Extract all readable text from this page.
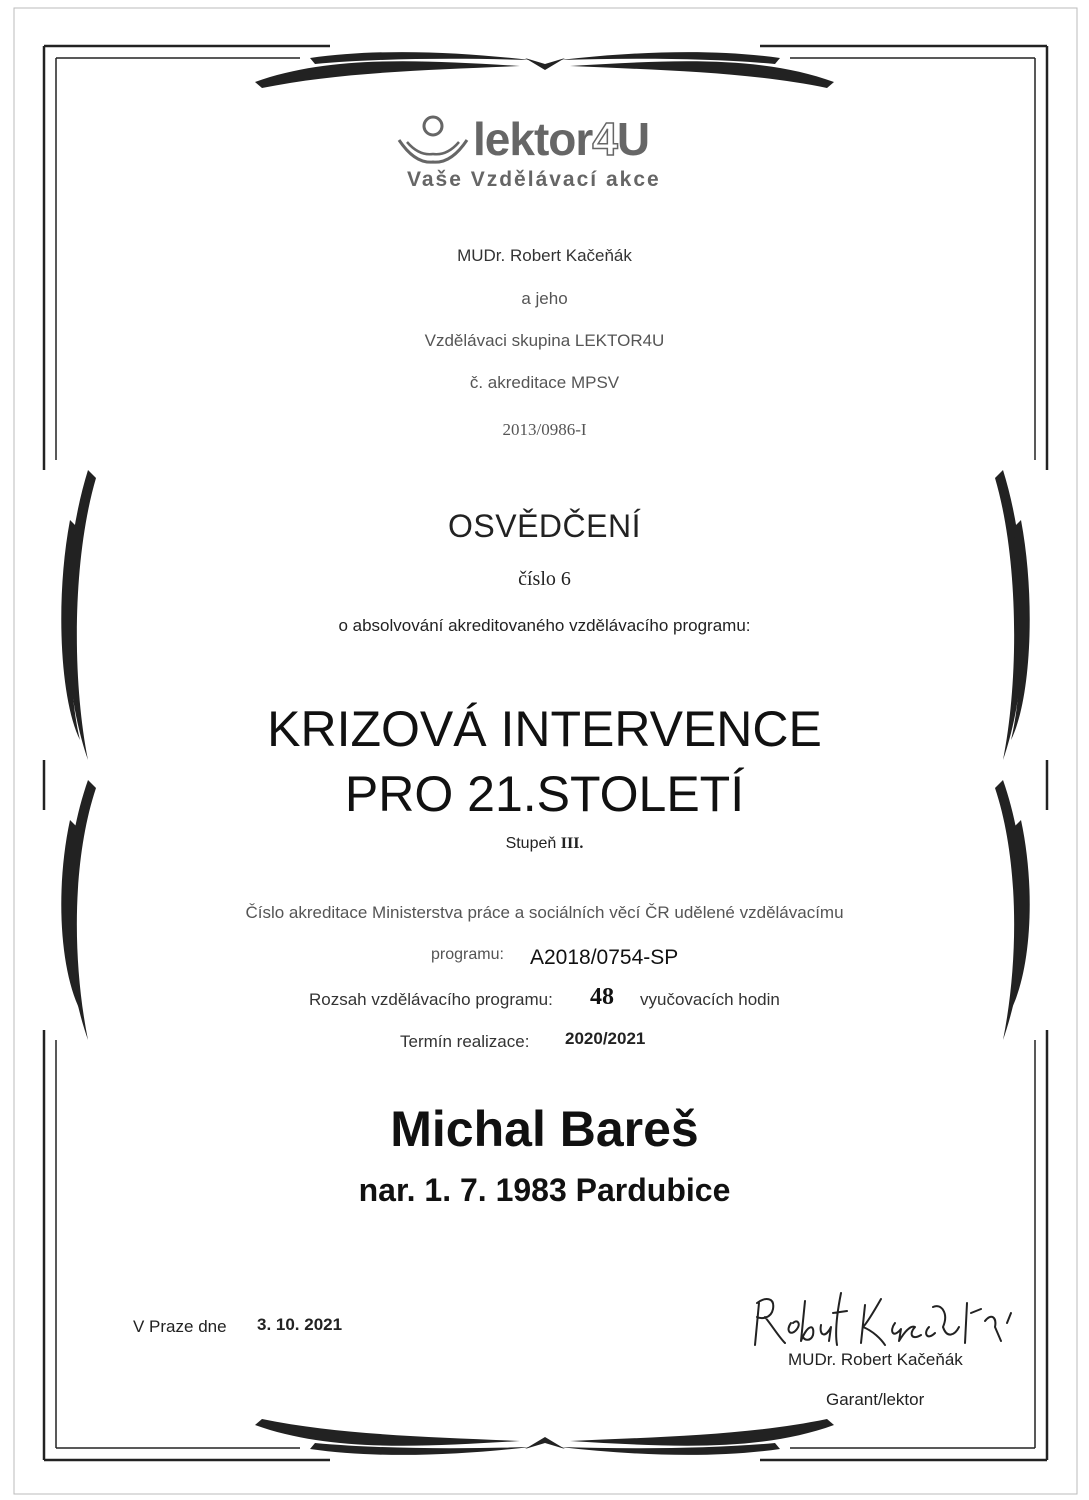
lektor4U
Vaše Vzdělávací akce
MUDr. Robert Kačeňák
a jeho
Vzdělávaci skupina LEKTOR4U
č. akreditace MPSV
2013/0986-I
OSVĚDČENÍ
číslo 6
o absolvování akreditovaného vzdělávacího programu:
KRIZOVÁ INTERVENCE
PRO 21.STOLETÍ
Stupeň III.
Číslo akreditace Ministerstva práce a sociálních věcí ČR udělené vzdělávacímu
programu: A2018/0754-SP
Rozsah vzdělávacího programu: 48 vyučovacích hodin
Termín realizace: 2020/2021
Michal Bareš
nar. 1. 7. 1983 Pardubice
V Praze dne 3. 10. 2021
MUDr. Robert Kačeňák
Garant/lektor
